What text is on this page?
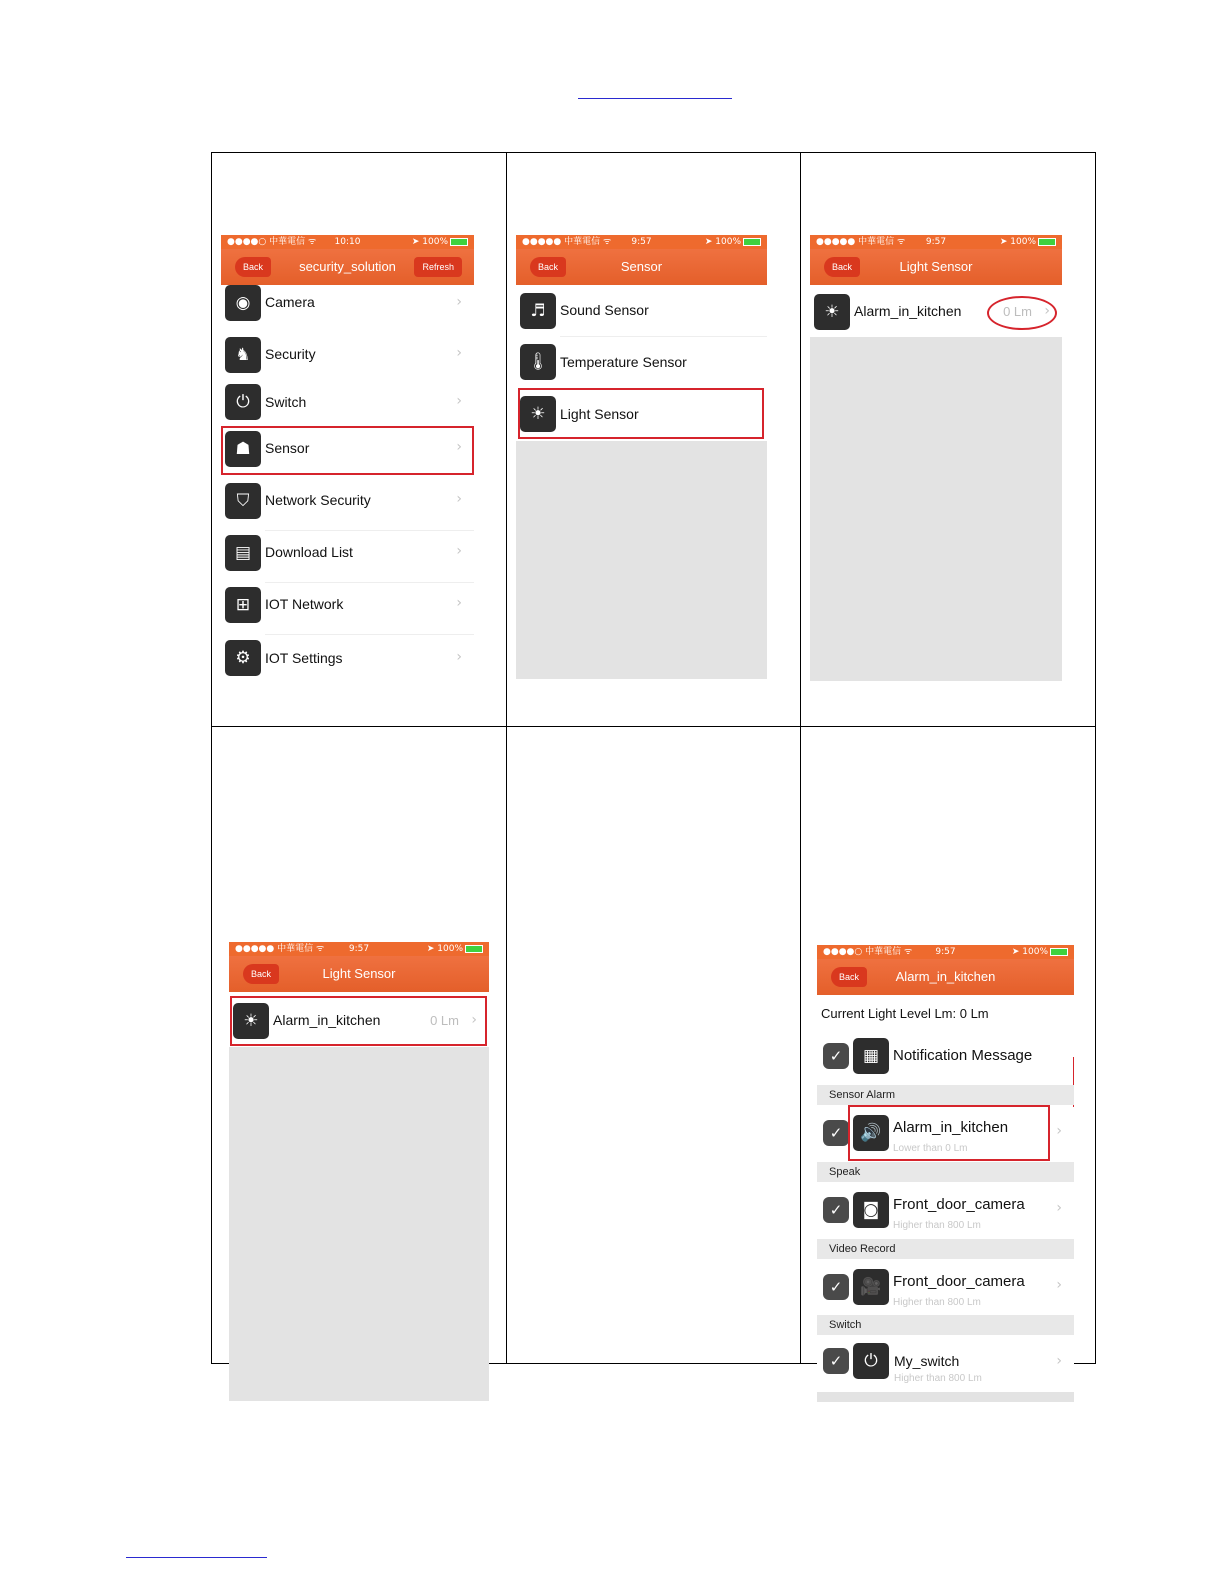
●●●●○ 中華電信 ᯤ	10:10	➤ 100%
Back	security_solution	Refresh
◉	Camera	›
♞	Security	›
⏻	Switch	›
☗	Sensor	›
⛉	Network Security	›
▤ Download List	›
⊞	IOT Network	›
⚙	IOT Settings	›
●●●●● 中華電信 ᯤ	9:57	➤ 100%
Back	Sensor
♬	Sound Sensor
🌡 Temperature Sensor
☀	Light Sensor
●●●●● 中華電信 ᯤ	9:57	➤ 100%
Back	Light Sensor
☀	Alarm_in_kitchen	0 Lm ›
●●●●● 中華電信 ᯤ	9:57	➤ 100%
Back	Light Sensor
☀	Alarm_in_kitchen	0 Lm ›
●●●●○ 中華電信 ᯤ	9:57	➤ 100%
Back	Alarm_in_kitchen
Current Light Level Lm: 0 Lm
✓	▦ Notification Message
Sensor Alarm
✓	🔊 Alarm_in_kitchen
Lower than 0 Lm
›
Speak
✓	◙ Front_door_camera
Higher than 800 Lm
›
Video Record
✓	🎥 Front_door_camera
Higher than 800 Lm
›
Switch
✓	⏻	My_switch
Higher than 800 Lm
›
